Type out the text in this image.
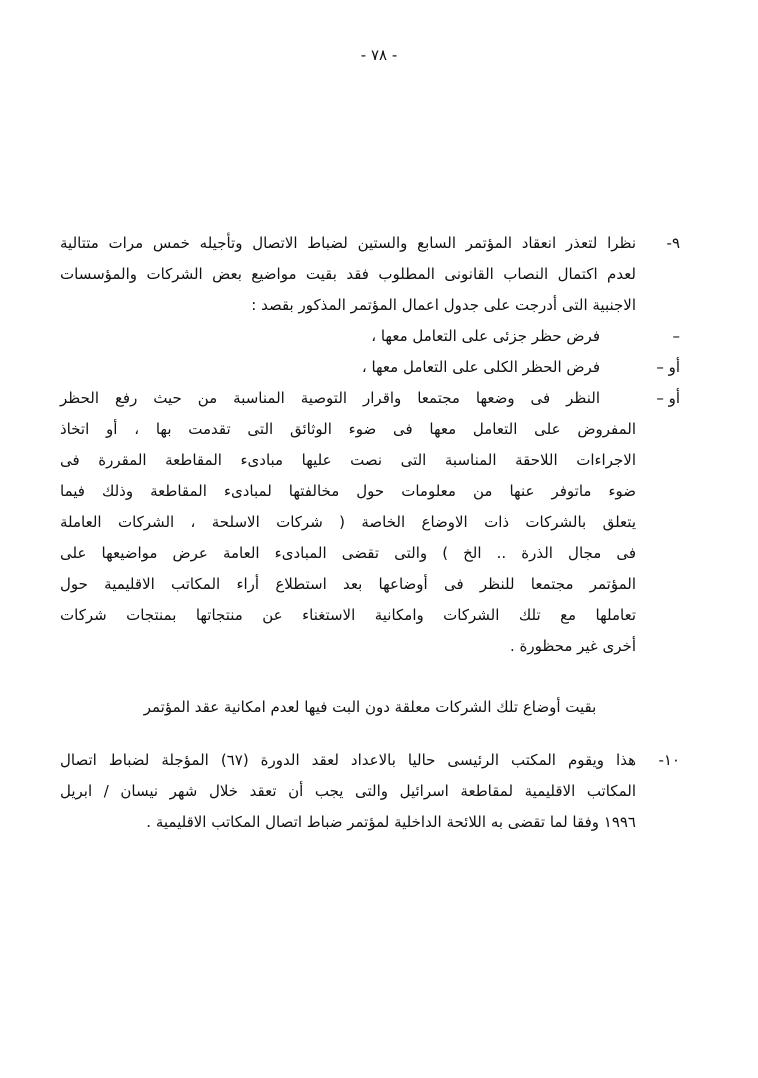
- ٧٨ -
٩-
نظرا لتعذر انعقاد المؤتمر السابع والستين لضباط الاتصال وتأجيله خمس مرات متتالية
لعدم اكتمال النصاب القانونى المطلوب فقد بقيت مواضيع بعض الشركات والمؤسسات
الاجنبية التى أدرجت على جدول اعمال المؤتمر المذكور بقصد :
–
فرض حظر جزئى على التعامل معها ،
أو –
فرض الحظر الكلى على التعامل معها ،
أو –
النظر فى وضعها مجتمعا واقرار التوصية المناسبة من حيث رفع الحظر
المفروض على التعامل معها فى ضوء الوثائق التى تقدمت بها ، أو اتخاذ
الاجراءات اللاحقة المناسبة التى نصت عليها مبادىء المقاطعة المقررة فى
ضوء ماتوفر عنها من معلومات حول مخالفتها لمبادىء المقاطعة وذلك فيما
يتعلق بالشركات ذات الاوضاع الخاصة ( شركات الاسلحة ، الشركات العاملة
فى مجال الذرة .. الخ ) والتى تقضى المبادىء العامة عرض مواضيعها على
المؤتمر مجتمعا للنظر فى أوضاعها بعد استطلاع أراء المكاتب الاقليمية حول
تعاملها مع تلك الشركات وامكانية الاستغناء عن منتجاتها بمنتجات شركات
أخرى غير محظورة .
بقيت أوضاع تلك الشركات معلقة دون البت فيها لعدم امكانية عقد المؤتمر
١٠-
هذا ويقوم المكتب الرئيسى حاليا بالاعداد لعقد الدورة (٦٧) المؤجلة لضباط اتصال
المكاتب الاقليمية لمقاطعة اسرائيل والتى يجب أن تعقد خلال شهر نيسان / ابريل
١٩٩٦ وفقا لما تقضى به اللائحة الداخلية لمؤتمر ضباط اتصال المكاتب الاقليمية .
